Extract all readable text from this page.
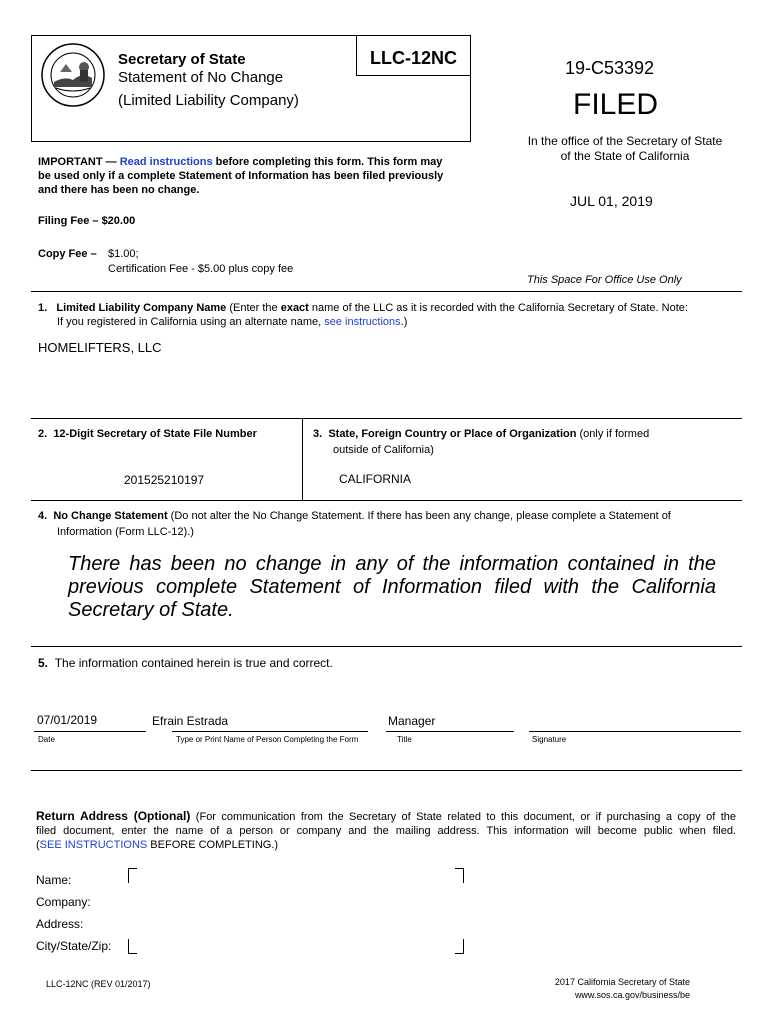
Secretary of State
Statement of No Change
(Limited Liability Company)
LLC-12NC	19-C53392
FILED
In the office of the Secretary of State
of the State of California
JUL 01, 2019
This Space For Office Use Only
IMPORTANT — Read instructions before completing this form. This form may
be used only if a complete Statement of Information has been filed previously
and there has been no change.
Filing Fee – $20.00
Copy Fee – $1.00;
Certification Fee - $5.00 plus copy fee
1. Limited Liability Company Name (Enter the exact name of the LLC as it is recorded with the California Secretary of State. Note:
If you registered in California using an alternate name, see instructions.)
HOMELIFTERS, LLC
2. 12-Digit Secretary of State File Number
201525210197
3. State, Foreign Country or Place of Organization (only if formed
outside of California)
CALIFORNIA
4. No Change Statement (Do not alter the No Change Statement. If there has been any change, please complete a Statement of
Information (Form LLC-12).)
There has been no change in any of the information contained in the
previous complete Statement of Information filed with the California
Secretary of State.
5. The information contained herein is true and correct.
07/01/2019	Efrain Estrada	Manager
Date	Type or Print Name of Person Completing the Form	Title	Signature
Return Address (Optional) (For communication from the Secretary of State related to this document, or if purchasing a copy of the
filed document, enter the name of a person or company and the mailing address. This information will become public when filed.
(SEE INSTRUCTIONS BEFORE COMPLETING.)
Name:
Company:
Address:
City/State/Zip:
LLC-12NC (REV 01/2017)	2017 California Secretary of State
www.sos.ca.gov/business/be
